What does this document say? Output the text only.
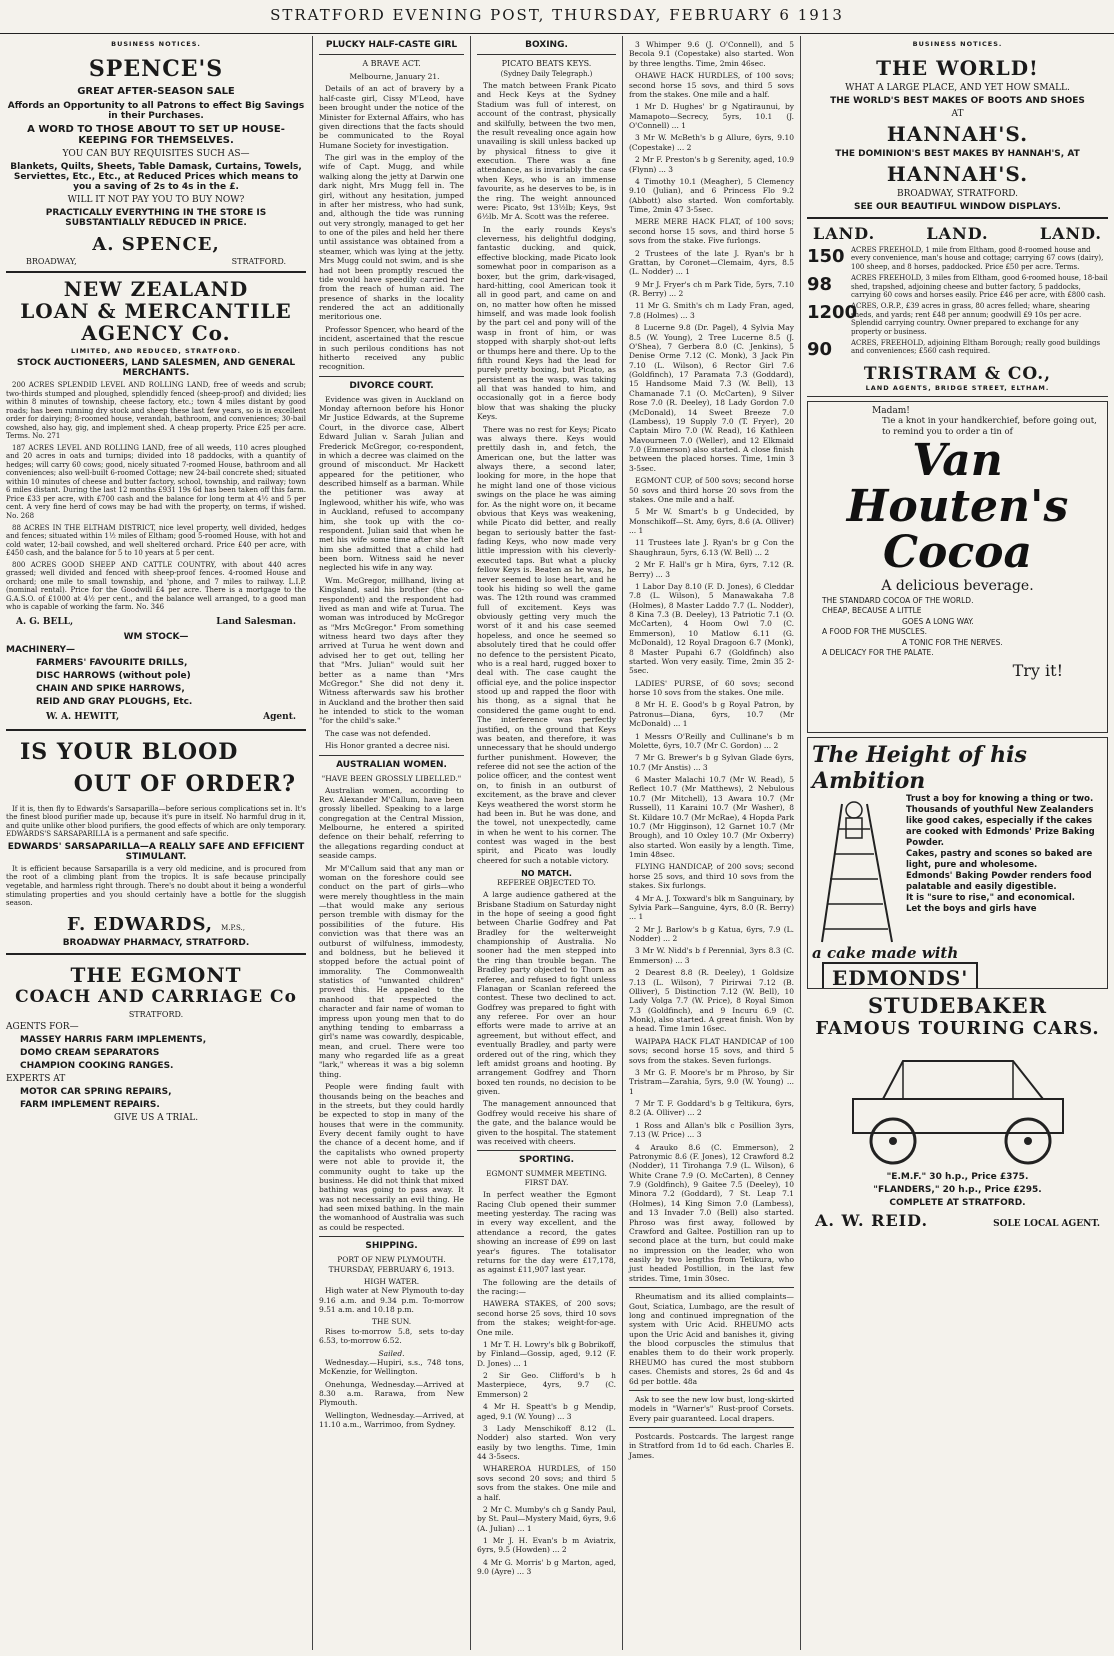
STRATFORD EVENING POST, THURSDAY, FEBRUARY 6 1913
BUSINESS NOTICES.
SPENCE'S
GREAT AFTER-SEASON SALE
Affords an Opportunity to all Patrons to effect Big Savings in their Purchases.
A WORD TO THOSE ABOUT TO SET UP HOUSE-KEEPING FOR THEMSELVES.
YOU CAN BUY REQUISITES SUCH AS—
Blankets, Quilts, Sheets, Table Damask, Curtains, Towels, Serviettes, Etc., Etc., at Reduced Prices which means to you a saving of 2s to 4s in the £.
WILL IT NOT PAY YOU TO BUY NOW?
PRACTICALLY EVERYTHING IN THE STORE IS SUBSTANTIALLY REDUCED IN PRICE.
A. SPENCE,
BROADWAY,	STRATFORD.
NEW ZEALAND
LOAN & MERCANTILE
AGENCY Co.
LIMITED, AND REDUCED, STRATFORD.
STOCK AUCTIONEERS, LAND SALESMEN, AND GENERAL MERCHANTS.
200 ACRES SPLENDID LEVEL AND ROLLING LAND, free of weeds and scrub; two-thirds stumped and ploughed, splendidly fenced (sheep-proof) and divided; lies within 8 minutes of township, cheese factory, etc.; town 4 miles distant by good roads; has been running dry stock and sheep these last few years, so is in excellent order for dairying; 8-roomed house, verandah, bathroom, and conveniences; 30-bail cowshed, also hay, gig, and implement shed. A cheap property. Price £25 per acre. Terms. No. 271
187 ACRES LEVEL AND ROLLING LAND, free of all weeds, 110 acres ploughed and 20 acres in oats and turnips; divided into 18 paddocks, with a quantity of hedges; will carry 60 cows; good, nicely situated 7-roomed House, bathroom and all conveniences; also well-built 6-roomed Cottage; new 24-bail concrete shed; situated within 10 minutes of cheese and butter factory, school, township, and railway; town 6 miles distant. During the last 12 months £931 19s 6d has been taken off this farm. Price £33 per acre, with £700 cash and the balance for long term at 4½ and 5 per cent. A very fine herd of cows may be had with the property, on terms, if wished. No. 268
88 ACRES IN THE ELTHAM DISTRICT, nice level property, well divided, hedges and fences; situated within 1½ miles of Eltham; good 5-roomed House, with hot and cold water, 12-bail cowshed, and well sheltered orchard. Price £40 per acre, with £450 cash, and the balance for 5 to 10 years at 5 per cent.
800 ACRES GOOD SHEEP AND CATTLE COUNTRY, with about 440 acres grassed; well divided and fenced with sheep-proof fences. 4-roomed House and orchard; one mile to small township, and 'phone, and 7 miles to railway. L.I.P. (nominal rental). Price for the Goodwill £4 per acre. There is a mortgage to the G.A.S.O. of £1000 at 4½ per cent., and the balance well arranged, to a good man who is capable of working the farm. No. 346
A. G. BELL,	Land Salesman.
WM STOCK—
MACHINERY—
FARMERS' FAVOURITE DRILLS,
DISC HARROWS (without pole)
CHAIN AND SPIKE HARROWS,
REID AND GRAY PLOUGHS, Etc.
W. A. HEWITT,	Agent.
IS YOUR BLOOD
OUT OF ORDER?
If it is, then fly to Edwards's Sarsaparilla—before serious complications set in. It's the finest blood purifier made up, because it's pure in itself. No harmful drug in it, and quite unlike other blood purifiers, the good effects of which are only temporary. EDWARDS'S SARSAPARILLA is a permanent and safe specific.
EDWARDS' SARSAPARILLA—A REALLY SAFE AND EFFICIENT STIMULANT.
It is efficient because Sarsaparilla is a very old medicine, and is procured from the root of a climbing plant from the tropics. It is safe because principally vegetable, and harmless right through. There's no doubt about it being a wonderful stimulating properties and you should certainly have a bottle for the sluggish season.
F. EDWARDS, M.P.S.,
BROADWAY PHARMACY, STRATFORD.
THE EGMONT
COACH AND CARRIAGE Co
STRATFORD.
AGENTS FOR—
MASSEY HARRIS FARM IMPLEMENTS,
DOMO CREAM SEPARATORS
CHAMPION COOKING RANGES.
EXPERTS AT
MOTOR CAR SPRING REPAIRS,
FARM IMPLEMENT REPAIRS.
GIVE US A TRIAL.
PLUCKY HALF-CASTE GIRL
A BRAVE ACT.

Melbourne, January 21.

Details of an act of bravery by a half-caste girl, Cissy M'Leod, have been brought under the notice of the Minister for External Affairs, who has given directions that the facts should be communicated to the Royal Humane Society for investigation.

The girl was in the employ of the wife of Capt. Mugg, and while walking along the jetty at Darwin one dark night, Mrs Mugg fell in. The girl, without any hesitation, jumped in after her mistress, who had sunk, and, although the tide was running out very strongly, managed to get her to one of the piles and held her there until assistance was obtained from a steamer, which was lying at the jetty. Mrs Mugg could not swim, and is she had not been promptly rescued the tide would have speedily carried her from the reach of human aid. The presence of sharks in the locality rendered the act an additionally meritorious one.

Professor Spencer, who heard of the incident, ascertained that the rescue in such perilous conditions has not hitherto received any public recognition.

DIVORCE COURT.

Evidence was given in Auckland on Monday afternoon before his Honor Mr Justice Edwards, at the Supreme Court, in the divorce case, Albert Edward Julian v. Sarah Julian and Frederick McGregor, co-respondent, in which a decree was claimed on the ground of misconduct. Mr Hackett appeared for the petitioner, who described himself as a barman. While the petitioner was away at Inglewood, whither his wife, who was in Auckland, refused to accompany him, she took up with the co-respondent. Julian said that when he met his wife some time after she left him she admitted that a child had been born. Witness said he never neglected his wife in any way.

Wm. McGregor, millhand, living at Kingsland, said his brother (the co-respondent) and the respondent had lived as man and wife at Turua. The woman was introduced by McGregor as "Mrs McGregor." From something witness heard two days after they arrived at Turua he went down and advised her to get out, telling her that "Mrs. Julian" would suit her better as a name than "Mrs McGregor." She did not deny it. Witness afterwards saw his brother in Auckland and the brother then said he intended to stick to the woman "for the child's sake."

The case was not defended.

His Honor granted a decree nisi.

AUSTRALIAN WOMEN.
"HAVE BEEN GROSSLY LIBELLED."

Australian women, according to Rev. Alexander M'Callum, have been grossly libelled. Speaking to a large congregation at the Central Mission, Melbourne, he entered a spirited defence on their behalf, referring to the allegations regarding conduct at seaside camps.

Mr M'Callum said that any man or woman on the foreshore could see conduct on the part of girls—who were merely thoughtless in the main—that would make any serious person tremble with dismay for the possibilities of the future. His conviction was that there was an outburst of wilfulness, immodesty, and boldness, but he believed it stopped before the actual point of immorality. The Commonwealth statistics of "unwanted children" proved this. He appealed to the manhood that respected the character and fair name of woman to impress upon young men that to do anything tending to embarrass a girl's name was cowardly, despicable, mean, and cruel. There were too many who regarded life as a great "lark," whereas it was a big solemn thing.

People were finding fault with thousands being on the beaches and in the streets, but they could hardly be expected to stop in many of the houses that were in the community. Every decent family ought to have the chance of a decent home, and if the capitalists who owned property were not able to provide it, the community ought to take up the business. He did not think that mixed bathing was going to pass away. It was not necessarily an evil thing. He had seen mixed bathing. In the main the womanhood of Australia was such as could be respected.

SHIPPING.
PORT OF NEW PLYMOUTH.
THURSDAY, FEBRUARY 6, 1913.
HIGH WATER.

High water at New Plymouth to-day 9.16 a.m. and 9.34 p.m. To-morrow 9.51 a.m. and 10.18 p.m.

THE SUN.

Rises to-morrow 5.8, sets to-day 6.53, to-morrow 6.52.

Sailed.

Wednesday.—Hupiri, s.s., 748 tons, McKenzie, for Wellington.

Onehunga, Wednesday.—Arrived at 8.30 a.m. Rarawa, from New Plymouth.

Wellington, Wednesday.—Arrived, at 11.10 a.m., Warrimoo, from Sydney.

BOXING.
PICATO BEATS KEYS.
(Sydney Daily Telegraph.)

The match between Frank Picato and Heck Keys at the Sydney Stadium was full of interest, on account of the contrast, physically and skilfully, between the two men, the result revealing once again how unavailing is skill unless backed up by physical fitness to give it execution. There was a fine attendance, as is invariably the case when Keys, who is an immense favourite, as he deserves to be, is in the ring. The weight announced were: Picato, 9st 13½lb; Keys, 9st 6½lb. Mr A. Scott was the referee.

In the early rounds Keys's cleverness, his delightful dodging, fantastic ducking, and quick, effective blocking, made Picato look somewhat poor in comparison as a boxer, but the grim, dark-visaged, hard-hitting, cool American took it all in good part, and came on and on, no matter how often he missed himself, and was made look foolish by the part cel and pony will of the wasp in front of him, or was stopped with sharply shot-out lefts or thumps here and there. Up to the fifth round Keys had the lead for purely pretty boxing, but Picato, as persistent as the wasp, was taking all that was handed to him, and occasionally got in a fierce body blow that was shaking the plucky Keys.

There was no rest for Keys; Picato was always there. Keys would prettily dash in, and fetch, the American one, but the latter was always there, a second later, looking for more, in the hope that he might land one of those vicious swings on the place he was aiming for. As the night wore on, it became obvious that Keys was weakening, while Picato did better, and really began to seriously batter the fast-fading Keys, who now made very little impression with his cleverly-executed taps. But what a plucky fellow Keys is. Beaten as he was, he never seemed to lose heart, and he took his hiding so well the game was. The 12th round was crammed full of excitement. Keys was obviously getting very much the worst of it and his case seemed hopeless, and once he seemed so absolutely tired that he could offer no defence to the persistent Picato, who is a real hard, rugged boxer to deal with. The case caught the official eye, and the police inspector stood up and rapped the floor with his thong, as a signal that he considered the game ought to end. The interference was perfectly justified, on the ground that Keys was beaten, and therefore, it was unnecessary that he should undergo further punishment. However, the referee did not see the action of the police officer, and the contest went on, to finish in an outburst of excitement, as the brave and clever Keys weathered the worst storm he had been in. But he was done, and the towel, not unexpectedly, came in when he went to his corner. The contest was waged in the best spirit, and Picato was loudly cheered for such a notable victory.

NO MATCH.
REFEREE OBJECTED TO.

A large audience gathered at the Brisbane Stadium on Saturday night in the hope of seeing a good fight between Charlie Godfrey and Pat Bradley for the welterweight championship of Australia. No sooner had the men stepped into the ring than trouble began. The Bradley party objected to Thorn as referee, and refused to fight unless Flanagan or Scanlan refereed the contest. These two declined to act. Godfrey was prepared to fight with any referee. For over an hour efforts were made to arrive at an agreement, but without effect, and eventually Bradley, and party were ordered out of the ring, which they left amidst groans and hooting. By arrangement Godfrey and Thorn boxed ten rounds, no decision to be given.

The management announced that Godfrey would receive his share of the gate, and the balance would be given to the hospital. The statement was received with cheers.

SPORTING.
EGMONT SUMMER MEETING.
FIRST DAY.

In perfect weather the Egmont Racing Club opened their summer meeting yesterday. The racing was in every way excellent, and the attendance a record, the gates showing an increase of £99 on last year's figures. The totalisator returns for the day were £17,178, as against £11,907 last year.

The following are the details of the racing:—

HAWERA STAKES, of 200 sovs; second horse 25 sovs, third 10 sovs from the stakes; weight-for-age. One mile.

1 Mr T. H. Lowry's blk g Bobrikoff, by Finland—Gossip, aged, 9.12 (F. D. Jones) ... 1

2 Sir Geo. Clifford's b h Masterpiece, 4yrs, 9.7 (C. Emmerson) 2

4 Mr H. Speatt's b g Mendip, aged, 9.1 (W. Young) ... 3

3 Lady Menschikoff 8.12 (L. Nodder) also started. Won very easily by two lengths. Time, 1min 44 3-5secs.

WHAREROA HURDLES, of 150 sovs second 20 sovs; and third 5 sovs from the stakes. One mile and a half.

2 Mr C. Mumby's ch g Sandy Paul, by St. Paul—Mystery Maid, 6yrs, 9.6 (A. Julian) ... 1

1 Mr J. H. Evan's b m Aviatrix, 6yrs, 9.5 (Howden) ... 2

4 Mr G. Morris' b g Marton, aged, 9.0 (Ayre) ... 3

3 Whimper 9.6 (J. O'Connell), and 5 Becola 9.1 (Copestake) also started. Won by three lengths. Time, 2min 46sec.

OHAWE HACK HURDLES, of 100 sovs; second horse 15 sovs, and third 5 sovs from the stakes. One mile and a half.

1 Mr D. Hughes' br g Ngatiraunui, by Mamapoto—Secrecy, 5yrs, 10.1 (J. O'Connell) ... 1

3 Mr W. McBeth's b g Allure, 6yrs, 9.10 (Copestake) ... 2

2 Mr F. Preston's b g Serenity, aged, 10.9 (Flynn) ... 3

4 Timothy 10.1 (Meagher), 5 Clemency 9.10 (Julian), and 6 Princess Flo 9.2 (Abbott) also started. Won comfortably. Time, 2min 47 3-5sec.

MERE MERE HACK FLAT, of 100 sovs; second horse 15 sovs, and third horse 5 sovs from the stake. Five furlongs.

2 Trustees of the late J. Ryan's br h Grattan, by Coronet—Clemaim, 4yrs, 8.5 (L. Nodder) ... 1

9 Mr J. Fryer's ch m Park Tide, 5yrs, 7.10 (R. Berry) ... 2

11 Mr G. Smith's ch m Lady Fran, aged, 7.8 (Holmes) ... 3

8 Lucerne 9.8 (Dr. Pagel), 4 Sylvia May 8.5 (W. Young), 2 Tree Lucerne 8.5 (J. O'Shea), 7 Gerbera 8.0 (C. Jenkins), 5 Denise Orme 7.12 (C. Monk), 3 Jack Pin 7.10 (L. Wilson), 6 Rector Girl 7.6 (Goldfinch), 17 Paramata 7.3 (Goddard), 15 Handsome Maid 7.3 (W. Bell), 13 Chamanade 7.1 (O. McCarten), 9 Silver Rose 7.0 (R. Deeley), 18 Lady Gordon 7.0 (McDonald), 14 Sweet Breeze 7.0 (Lambess), 19 Supply 7.0 (T. Fryer), 20 Captain Miro 7.0 (W. Read), 16 Kathleen Mavourneen 7.0 (Weller), and 12 Elkmaid 7.0 (Emmerson) also started. A close finish between the placed horses. Time, 1min 3 3-5sec.

EGMONT CUP, of 500 sovs; second horse 50 sovs and third horse 20 sovs from the stakes. One mile and a half.

5 Mr W. Smart's b g Undecided, by Monschikoff—St. Amy, 6yrs, 8.6 (A. Olliver) ... 1

11 Trustees late J. Ryan's br g Con the Shaughraun, 5yrs, 6.13 (W. Bell) ... 2

2 Mr F. Hall's gr h Mira, 6yrs, 7.12 (R. Berry) ... 3

1 Labor Day 8.10 (F. D. Jones), 6 Cleddar 7.8 (L. Wilson), 5 Manawakaha 7.8 (Holmes), 8 Master Laddo 7.7 (L. Nodder), 8 Kina 7.3 (B. Deeley), 13 Patriotic 7.1 (O. McCarten), 4 Hoom Owl 7.0 (C. Emmerson), 10 Matlow 6.11 (G. McDonald), 12 Royal Dragoon 6.7 (Monk), 8 Master Pupahi 6.7 (Goldfinch) also started. Won very easily. Time, 2min 35 2-5sec.

LADIES' PURSE, of 60 sovs; second horse 10 sovs from the stakes. One mile.

8 Mr H. E. Good's b g Royal Patron, by Patronus—Diana, 6yrs, 10.7 (Mr McDonald) ... 1

1 Messrs O'Reilly and Cullinane's b m Molette, 6yrs, 10.7 (Mr C. Gordon) ... 2

7 Mr G. Brewer's b g Sylvan Glade 6yrs, 10.7 (Mr Anstis) ... 3

6 Master Malachi 10.7 (Mr W. Read), 5 Reflect 10.7 (Mr Matthews), 2 Nebulous 10.7 (Mr Mitchell), 13 Awara 10.7 (Mr Russell), 11 Karaini 10.7 (Mr Washer), 8 St. Kildare 10.7 (Mr McRae), 4 Hopda Park 10.7 (Mr Higginson), 12 Garnet 10.7 (Mr Brough), and 10 Oxley 10.7 (Mr Oxberry) also started. Won easily by a length. Time, 1min 48sec.

FLYING HANDICAP, of 200 sovs; second horse 25 sovs, and third 10 sovs from the stakes. Six furlongs.

4 Mr A. J. Toxward's blk m Sanguinary, by Sylvia Park—Sanguine, 4yrs, 8.0 (R. Berry) ... 1

2 Mr J. Barlow's b g Katua, 6yrs, 7.9 (L. Nodder) ... 2

3 Mr W. Nidd's b f Perennial, 3yrs 8.3 (C. Emmerson) ... 3

2 Dearest 8.8 (R. Deeley), 1 Goldsize 7.13 (L. Wilson), 7 Pirirwai 7.12 (B. Olliver), 5 Distinction 7.12 (W. Bell), 10 Lady Volga 7.7 (W. Price), 8 Royal Simon 7.3 (Goldfinch), and 9 Incuru 6.9 (C. Monk), also started. A great finish. Won by a head. Time 1min 16sec.

WAIPAPA HACK FLAT HANDICAP of 100 sovs; second horse 15 sovs, and third 5 sovs from the stakes. Seven furlongs.

3 Mr G. F. Moore's br m Phroso, by Sir Tristram—Zarahia, 5yrs, 9.0 (W. Young) ... 1

7 Mr T. F. Goddard's b g Teltikura, 6yrs, 8.2 (A. Olliver) ... 2

1 Ross and Allan's blk c Posillion 3yrs, 7.13 (W. Price) ... 3

4 Arauko 8.6 (C. Emmerson), 2 Patronymic 8.6 (F. Jones), 12 Crawford 8.2 (Nodder), 11 Tirohanga 7.9 (L. Wilson), 6 White Crane 7.9 (O. McCarten), 8 Cenney 7.9 (Goldfinch), 9 Gaitee 7.5 (Deeley), 10 Minora 7.2 (Goddard), 7 St. Leap 7.1 (Holmes), 14 King Simon 7.0 (Lambess), and 13 Invader 7.0 (Bell) also started. Phroso was first away, followed by Crawford and Galtee. Postillion ran up to second place at the turn, but could make no impression on the leader, who won easily by two lengths from Tetikura, who just headed Postillion, in the last few strides. Time, 1min 30sec.

Rheumatism and its allied complaints—Gout, Sciatica, Lumbago, are the result of long and continued impregnation of the system with Uric Acid. RHEUMO acts upon the Uric Acid and banishes it, giving the blood corpuscles the stimulus that enables them to do their work properly. RHEUMO has cured the most stubborn cases. Chemists and stores, 2s 6d and 4s 6d per bottle. 48a

Ask to see the new low bust, long-skirted models in "Warner's" Rust-proof Corsets. Every pair guaranteed. Local drapers.

Postcards. Postcards. The largest range in Stratford from 1d to 6d each. Charles E. James.

BUSINESS NOTICES.
THE WORLD!
WHAT A LARGE PLACE, AND YET HOW SMALL.
THE WORLD'S BEST MAKES OF BOOTS AND SHOES
AT
HANNAH'S.
THE DOMINION'S BEST MAKES BY HANNAH'S, AT
HANNAH'S.
BROADWAY, STRATFORD.
SEE OUR BEAUTIFUL WINDOW DISPLAYS.
LAND.	LAND.	LAND.
150 ACRES FREEHOLD, 1 mile from Eltham, good 8-roomed house and every convenience, man's house and cottage; carrying 67 cows (dairy), 100 sheep, and 8 horses, paddocked. Price £50 per acre. Terms.
98	ACRES FREEHOLD, 3 miles from Eltham, good 6-roomed house, 18-bail shed, trapshed, adjoining cheese and butter factory, 5 paddocks, carrying 60 cows and horses easily. Price £46 per acre, with £800 cash.
1200
ACRES, O.R.P., £39 acres in grass, 80 acres felled; whare, shearing sheds, and yards; rent £48 per annum; goodwill £9 10s per acre. Splendid carrying country. Owner prepared to exchange for any property or business.
90	ACRES, FREEHOLD, adjoining Eltham Borough; really good buildings and conveniences; £560 cash required.
TRISTRAM & CO.,
LAND AGENTS, BRIDGE STREET, ELTHAM.
Madam!
Tie a knot in your handkerchief, before going out, to remind you to order a tin of
Van
Houten's
Cocoa
A delicious beverage.
THE STANDARD COCOA OF THE WORLD.
CHEAP, BECAUSE A LITTLE
GOES A LONG WAY.
A FOOD FOR THE MUSCLES.
A TONIC FOR THE NERVES.
A DELICACY FOR THE PALATE.
Try it!
The Height of his
Ambition
Trust a boy for knowing a thing or two.
Thousands of youthful New Zealanders like good cakes, especially if the cakes are cooked with Edmonds' Prize Baking Powder.
Cakes, pastry and scones so baked are light, pure and wholesome.
Edmonds' Baking Powder renders food palatable and easily digestible.
It is "sure to rise," and economical.
Let the boys and girls have
a cake made with
EDMONDS'
STUDEBAKER
FAMOUS TOURING CARS.
"E.M.F." 30 h.p., Price £375.
"FLANDERS," 20 h.p., Price £295.
COMPLETE AT STRATFORD.
A. W. REID.	SOLE LOCAL AGENT.
